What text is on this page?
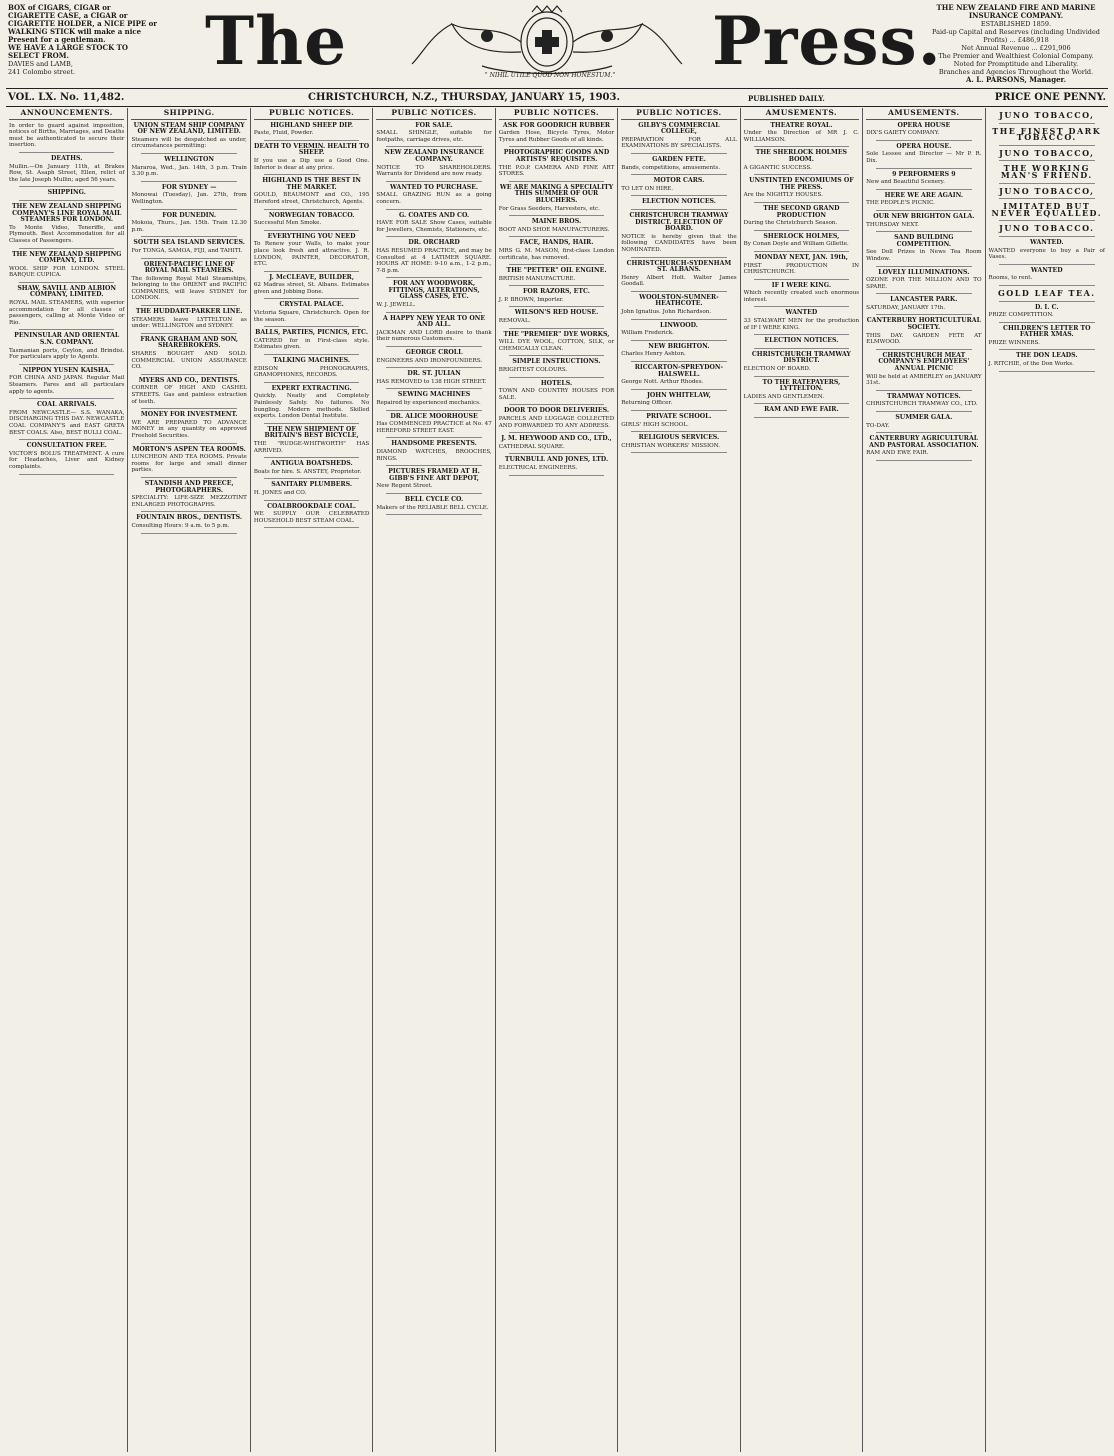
BOX of CIGARS, CIGAR or CIGARETTE CASE, a CIGAR or CIGARETTE HOLDER, a NICE PIPE or WALKING STICK will make a nice Present for a gentleman.
WE HAVE A LARGE STOCK TO SELECT FROM.
DAVIES and LAMB,
241 Colombo street.	The	" NIHIL UTILE QUOD NON HONESTUM."	Press.
THE NEW ZEALAND FIRE AND MARINE INSURANCE COMPANY.
ESTABLISHED 1859.
Paid-up Capital and Reserves (including Undivided Profits) ... £486,918
Net Annual Revenue ... £291,906
The Premier and Wealthiest Colonial Company.
Noted for Promptitude and Liberality.
Branches and Agencies Throughout the World.
A. L. PARSONS, Manager.
VOL. LX. No. 11,482.	CHRISTCHURCH, N.Z., THURSDAY, JANUARY 15, 1903.	PUBLISHED DAILY.	PRICE ONE PENNY.
ANNOUNCEMENTS.
In order to guard against imposition, notices of Births, Marriages, and Deaths must be authenticated to secure their insertion.
DEATHS.
Mullin.—On January 11th, at Brakes Row, St. Asaph Street, Ellen, relict of the late Joseph Mullin; aged 56 years.
SHIPPING.
THE NEW ZEALAND SHIPPING COMPANY'S LINE ROYAL MAIL STEAMERS FOR LONDON.
To Monte Video, Teneriffe, and Plymouth. Best Accommodation for all Classes of Passengers.
THE NEW ZEALAND SHIPPING COMPANY, LTD.
WOOL SHIP FOR LONDON. STEEL BARQUE CUPICA.
SHAW, SAVILL AND ALBION COMPANY, LIMITED.
ROYAL MAIL STEAMERS, with superior accommodation for all classes of passengers, calling at Monte Video or Rio.
PENINSULAR AND ORIENTAL S.N. COMPANY.
Tasmanian ports, Ceylon, and Brindisi. For particulars apply to Agents.
NIPPON YUSEN KAISHA.
FOR CHINA AND JAPAN. Regular Mail Steamers. Fares and all particulars apply to agents.
COAL ARRIVALS.
FROM NEWCASTLE— S.S. WANAKA, DISCHARGING THIS DAY. NEWCASTLE COAL COMPANY'S and EAST GRETA BEST COALS. Also, BEST BULLI COAL.
CONSULTATION FREE.
VICTOR'S BOLUS TREATMENT. A cure for Headaches, Liver and Kidney complaints.
SHIPPING.
UNION STEAM SHIP COMPANY OF NEW ZEALAND, LIMITED.
Steamers will be despatched as under, circumstances permitting:
WELLINGTON
Mararoa, Wed., Jan. 14th, 3 p.m. Train 3.30 p.m.
FOR SYDNEY —
Monowai (Tuesday), Jan. 27th, from Wellington.
FOR DUNEDIN.
Mokoia, Thurs., Jan. 15th. Train 12.30 p.m.
SOUTH SEA ISLAND SERVICES.
For TONGA, SAMOA, FIJI, and TAHITI.
ORIENT-PACIFIC LINE OF ROYAL MAIL STEAMERS.
The following Royal Mail Steamships, belonging to the ORIENT and PACIFIC COMPANIES, will leave SYDNEY for LONDON.
THE HUDDART-PARKER LINE.
STEAMERS leave LYTTELTON as under: WELLINGTON and SYDNEY.
FRANK GRAHAM AND SON, SHAREBROKERS.
SHARES BOUGHT AND SOLD. COMMERCIAL UNION ASSURANCE CO.
MYERS AND CO., DENTISTS.
CORNER OF HIGH AND CASHEL STREETS. Gas and painless extraction of teeth.
MONEY FOR INVESTMENT.
WE ARE PREPARED TO ADVANCE MONEY in any quantity on approved Freehold Securities.
MORTON'S ASPEN TEA ROOMS.
LUNCHEON AND TEA ROOMS. Private rooms for large and small dinner parties.
STANDISH AND PREECE, PHOTOGRAPHERS.
SPECIALITY: LIFE-SIZE MEZZOTINT ENLARGED PHOTOGRAPHS.
FOUNTAIN BROS., DENTISTS.
Consulting Hours: 9 a.m. to 5 p.m.
PUBLIC NOTICES.
HIGHLAND SHEEP DIP.
Paste, Fluid, Powder.
DEATH TO VERMIN. HEALTH TO SHEEP.
If you use a Dip use a Good One. Inferior is dear at any price.
HIGHLAND IS THE BEST IN THE MARKET.
GOULD, BEAUMONT and CO., 195 Hereford street, Christchurch, Agents.
NORWEGIAN TOBACCO.
Successful Men Smoke.
EVERYTHING YOU NEED
To Renew your Walls, to make your place look fresh and attractive. J. R. LONDON, PAINTER, DECORATOR, ETC.
J. McCLEAVE, BUILDER,
62 Madras street, St. Albans. Estimates given and Jobbing Done.
CRYSTAL PALACE.
Victoria Square, Christchurch. Open for the season.
BALLS, PARTIES, PICNICS, ETC.
CATERED for in First-class style. Estimates given.
TALKING MACHINES.
EDISON PHONOGRAPHS, GRAMOPHONES, RECORDS.
EXPERT EXTRACTING.
Quickly. Neatly and Completely Painlessly Safely. No failures. No bungling. Modern methods. Skilled experts. London Dental Institute.
THE NEW SHIPMENT OF BRITAIN'S BEST BICYCLE,
THE "RUDGE-WHITWORTH" HAS ARRIVED.
ANTIGUA BOATSHEDS.
Boats for hire. S. ANSTEY, Proprietor.
SANITARY PLUMBERS.
H. JONES and CO.
COALBROOKDALE COAL.
WE SUPPLY OUR CELEBRATED HOUSEHOLD BEST STEAM COAL.
PUBLIC NOTICES.
FOR SALE.
SMALL SHINGLE, suitable for footpaths, carriage drives, etc.
NEW ZEALAND INSURANCE COMPANY.
NOTICE TO SHAREHOLDERS. Warrants for Dividend are now ready.
WANTED TO PURCHASE.
SMALL GRAZING RUN as a going concern.
G. COATES AND CO.
HAVE FOR SALE Show Cases, suitable for Jewellers, Chemists, Stationers, etc.
DR. ORCHARD
HAS RESUMED PRACTICE, and may be Consulted at 4 LATIMER SQUARE. HOURS AT HOME: 9-10 a.m., 1-2 p.m., 7-8 p.m.
FOR ANY WOODWORK, FITTINGS, ALTERATIONS, GLASS CASES, ETC.
W. J. JEWELL.
A HAPPY NEW YEAR TO ONE AND ALL.
JACKMAN AND LORD desire to thank their numerous Customers.
GEORGE CROLL
ENGINEERS AND IRONFOUNDERS.
DR. ST. JULIAN
HAS REMOVED to 138 HIGH STREET.
SEWING MACHINES
Repaired by experienced mechanics.
DR. ALICE MOORHOUSE
Has COMMENCED PRACTICE at No. 47 HEREFORD STREET EAST.
HANDSOME PRESENTS.
DIAMOND WATCHES, BROOCHES, RINGS.
PICTURES FRAMED AT H. GIBB'S FINE ART DEPOT,
New Regent Street.
BELL CYCLE CO.
Makers of the RELIABLE BELL CYCLE.
PUBLIC NOTICES.
ASK FOR GOODRICH RUBBER
Garden Hose, Bicycle Tyres, Motor Tyres and Rubber Goods of all kinds.
PHOTOGRAPHIC GOODS AND ARTISTS' REQUISITES.
THE P.O.P. CAMERA AND FINE ART STORES.
WE ARE MAKING A SPECIALITY THIS SUMMER OF OUR BLUCHERS.
For Grass Seeders, Harvesters, etc.
MAINE BROS.
BOOT AND SHOE MANUFACTURERS.
FACE, HANDS, HAIR.
MRS G. M. MASON, first-class London certificate, has removed.
THE "PETTER" OIL ENGINE.
BRITISH MANUFACTURE.
FOR RAZORS, ETC.
J. P. BROWN, Importer.
WILSON'S RED HOUSE.
REMOVAL.
THE "PREMIER" DYE WORKS,
WILL DYE WOOL, COTTON, SILK, or CHEMICALLY CLEAN.
SIMPLE INSTRUCTIONS.
BRIGHTEST COLOURS.
HOTELS.
TOWN AND COUNTRY HOUSES FOR SALE.
DOOR TO DOOR DELIVERIES.
PARCELS AND LUGGAGE COLLECTED AND FORWARDED TO ANY ADDRESS.
J. M. HEYWOOD AND CO., LTD.,
CATHEDRAL SQUARE.
TURNBULL AND JONES, LTD.
ELECTRICAL ENGINEERS.
PUBLIC NOTICES.
GILBY'S COMMERCIAL COLLEGE,
PREPARATION FOR ALL EXAMINATIONS BY SPECIALISTS.
GARDEN FETE.
Bands, competitions, amusements.
MOTOR CARS.
TO LET ON HIRE.
ELECTION NOTICES.
CHRISTCHURCH TRAMWAY DISTRICT. ELECTION OF BOARD.
NOTICE is hereby given that the following CANDIDATES have been NOMINATED.
CHRISTCHURCH-SYDENHAM ST. ALBANS.
Henry Albert Holt. Walter James Goodall.
WOOLSTON-SUMNER-HEATHCOTE.
John Ignatius. John Richardson.
LINWOOD.
William Frederick.
NEW BRIGHTON.
Charles Henry Ashton.
RICCARTON-SPREYDON-HALSWELL.
George Nott. Arthur Rhodes.
JOHN WHITELAW,
Returning Officer.
PRIVATE SCHOOL.
GIRLS' HIGH SCHOOL.
RELIGIOUS SERVICES.
CHRISTIAN WORKERS' MISSION.
AMUSEMENTS.
THEATRE ROYAL.
Under the Direction of MR J. C. WILLIAMSON.
THE SHERLOCK HOLMES BOOM.
A GIGANTIC SUCCESS.
UNSTINTED ENCOMIUMS OF THE PRESS.
Are the NIGHTLY HOUSES.
THE SECOND GRAND PRODUCTION
During the Christchurch Season.
SHERLOCK HOLMES,
By Conan Doyle and William Gillette.
MONDAY NEXT, JAN. 19th,
FIRST PRODUCTION IN CHRISTCHURCH.
IF I WERE KING.
Which recently created such enormous interest.
WANTED
33 STALWART MEN for the production of IF I WERE KING.
ELECTION NOTICES.
CHRISTCHURCH TRAMWAY DISTRICT.
ELECTION OF BOARD.
TO THE RATEPAYERS, LYTTELTON.
LADIES AND GENTLEMEN.
RAM AND EWE FAIR.
AMUSEMENTS.
OPERA HOUSE
DIX'S GAIETY COMPANY.
OPERA HOUSE.
Sole Lessee and Director — Mr P. R. Dix.
9 PERFORMERS 9
New and Beautiful Scenery.
HERE WE ARE AGAIN.
THE PEOPLE'S PICNIC.
OUR NEW BRIGHTON GALA.
THURSDAY NEXT.
SAND BUILDING COMPETITION.
See Doll Prizes in News Tea Room Window.
LOVELY ILLUMINATIONS.
OZONE FOR THE MILLION AND TO SPARE.
LANCASTER PARK.
SATURDAY, JANUARY 17th.
CANTERBURY HORTICULTURAL SOCIETY.
THIS DAY. GARDEN FETE AT ELMWOOD.
CHRISTCHURCH MEAT COMPANY'S EMPLOYEES' ANNUAL PICNIC
Will be held at AMBERLEY on JANUARY 31st.
TRAMWAY NOTICES.
CHRISTCHURCH TRAMWAY CO., LTD.
SUMMER GALA.
TO-DAY.
CANTERBURY AGRICULTURAL AND PASTORAL ASSOCIATION.
RAM AND EWE FAIR.
JUNO TOBACCO,
THE FINEST DARK TOBACCO.
JUNO TOBACCO,
THE WORKING MAN'S FRIEND.
JUNO TOBACCO,
IMITATED BUT NEVER EQUALLED.
JUNO TOBACCO.
WANTED.
WANTED everyone to buy a Pair of Vases.
WANTED
Rooms, to rent.
GOLD LEAF TEA.
D. I. C.
PRIZE COMPETITION.
CHILDREN'S LETTER TO FATHER XMAS.
PRIZE WINNERS.
THE DON LEADS.
J. RITCHIE, of the Don Works.
